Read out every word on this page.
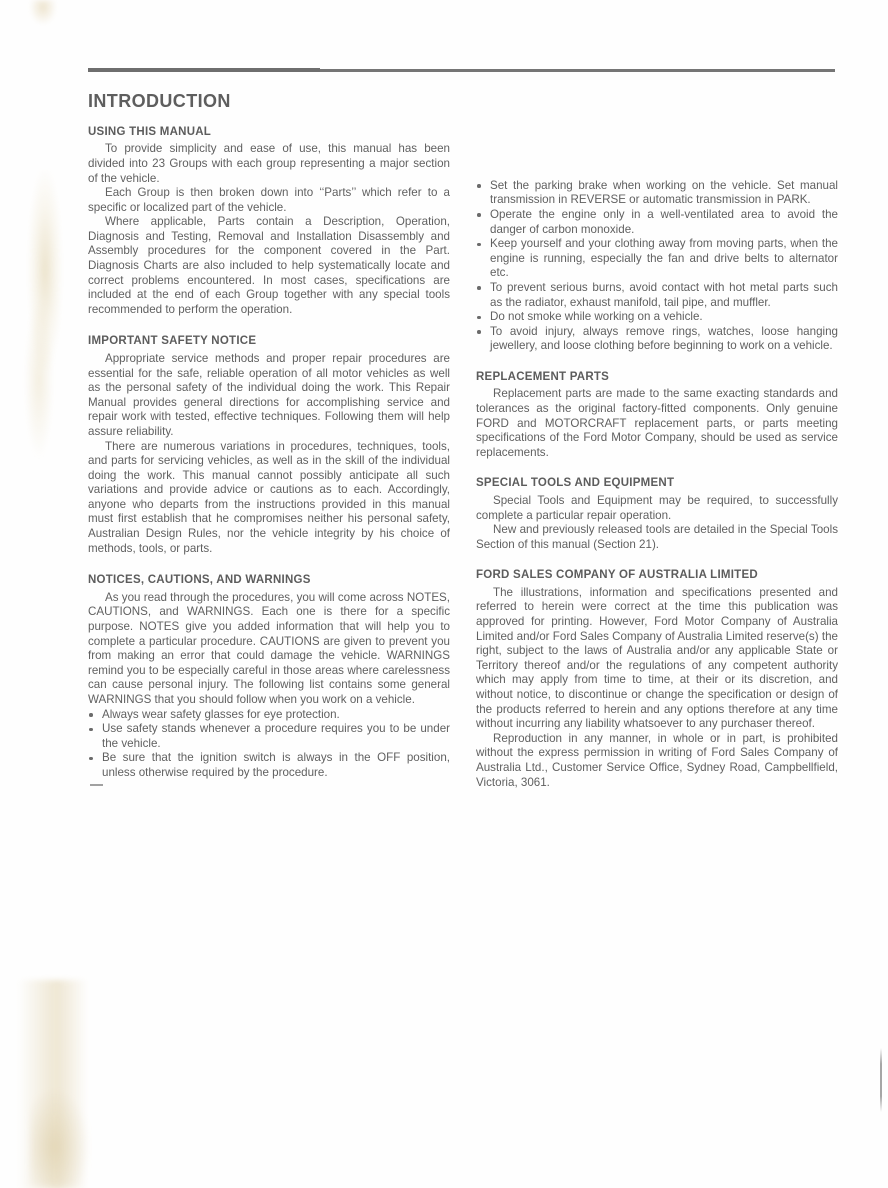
INTRODUCTION
USING THIS MANUAL

To provide simplicity and ease of use, this manual has been divided into 23 Groups with each group representing a major section of the vehicle.

Each Group is then broken down into ‘‘Parts’’ which refer to a specific or localized part of the vehicle.

Where applicable, Parts contain a Description, Operation, Diagnosis and Testing, Removal and Installation Disassembly and Assembly procedures for the component covered in the Part. Diagnosis Charts are also included to help systematically locate and correct problems encountered. In most cases, specifications are included at the end of each Group together with any special tools recommended to perform the operation.

IMPORTANT SAFETY NOTICE

Appropriate service methods and proper repair procedures are essential for the safe, reliable operation of all motor vehicles as well as the personal safety of the individual doing the work. This Repair Manual provides general directions for accomplishing service and repair work with tested, effective techniques. Following them will help assure reliability.

There are numerous variations in procedures, techniques, tools, and parts for servicing vehicles, as well as in the skill of the individual doing the work. This manual cannot possibly anticipate all such variations and provide advice or cautions as to each. Accordingly, anyone who departs from the instructions provided in this manual must first establish that he compromises neither his personal safety, Australian Design Rules, nor the vehicle integrity by his choice of methods, tools, or parts.

NOTICES, CAUTIONS, AND WARNINGS

As you read through the procedures, you will come across NOTES, CAUTIONS, and WARNINGS. Each one is there for a specific purpose. NOTES give you added information that will help you to complete a particular procedure. CAUTIONS are given to prevent you from making an error that could damage the vehicle. WARNINGS remind you to be especially careful in those areas where carelessness can cause personal injury. The following list contains some general WARNINGS that you should follow when you work on a vehicle.

Always wear safety glasses for eye protection.
Use safety stands whenever a procedure requires you to be under the vehicle.
Be sure that the ignition switch is always in the OFF position, unless otherwise required by the procedure.
Set the parking brake when working on the vehicle. Set manual transmission in REVERSE or automatic transmission in PARK.
Operate the engine only in a well-ventilated area to avoid the danger of carbon monoxide.
Keep yourself and your clothing away from moving parts, when the engine is running, especially the fan and drive belts to alternator etc.
To prevent serious burns, avoid contact with hot metal parts such as the radiator, exhaust manifold, tail pipe, and muffler.
Do not smoke while working on a vehicle.
To avoid injury, always remove rings, watches, loose hanging jewellery, and loose clothing before beginning to work on a vehicle.
REPLACEMENT PARTS

Replacement parts are made to the same exacting standards and tolerances as the original factory-fitted components. Only genuine FORD and MOTORCRAFT replacement parts, or parts meeting specifications of the Ford Motor Company, should be used as service replacements.

SPECIAL TOOLS AND EQUIPMENT

Special Tools and Equipment may be required, to successfully complete a particular repair operation.

New and previously released tools are detailed in the Special Tools Section of this manual (Section 21).

FORD SALES COMPANY OF AUSTRALIA LIMITED

The illustrations, information and specifications presented and referred to herein were correct at the time this publication was approved for printing. However, Ford Motor Company of Australia Limited and/or Ford Sales Company of Australia Limited reserve(s) the right, subject to the laws of Australia and/or any applicable State or Territory thereof and/or the regulations of any competent authority which may apply from time to time, at their or its discretion, and without notice, to discontinue or change the specification or design of the products referred to herein and any options therefore at any time without incurring any liability whatsoever to any purchaser thereof.

Reproduction in any manner, in whole or in part, is prohibited without the express permission in writing of Ford Sales Company of Australia Ltd., Customer Service Office, Sydney Road, Campbellfield, Victoria, 3061.
